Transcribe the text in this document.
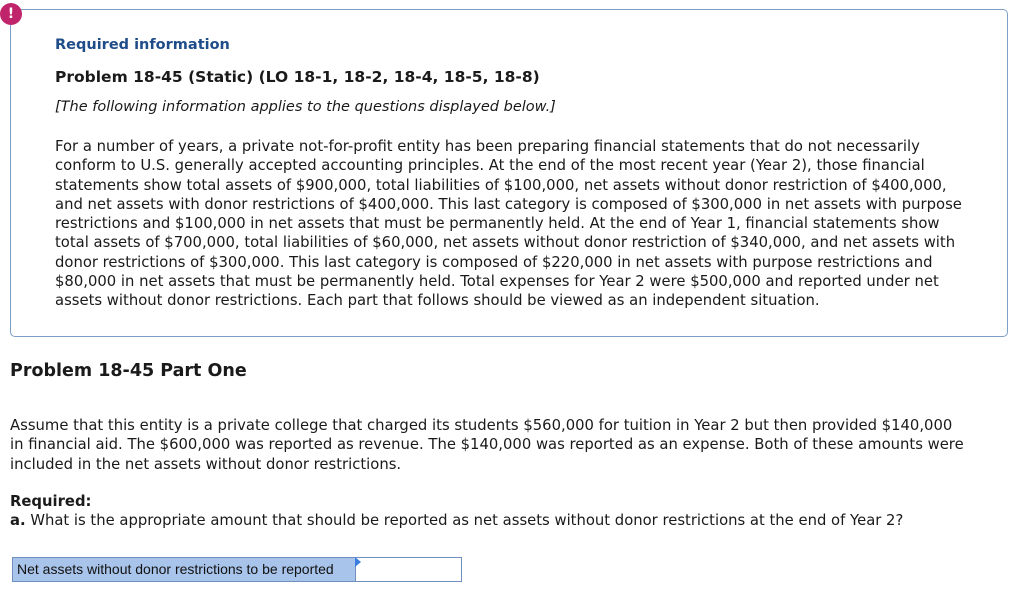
!
Required information
Problem 18-45 (Static) (LO 18-1, 18-2, 18-4, 18-5, 18-8)
[The following information applies to the questions displayed below.]
For a number of years, a private not-for-profit entity has been preparing financial statements that do not necessarily conform to U.S. generally accepted accounting principles. At the end of the most recent year (Year 2), those financial statements show total assets of $900,000, total liabilities of $100,000, net assets without donor restriction of $400,000, and net assets with donor restrictions of $400,000. This last category is composed of $300,000 in net assets with purpose restrictions and $100,000 in net assets that must be permanently held. At the end of Year 1, financial statements show total assets of $700,000, total liabilities of $60,000, net assets without donor restriction of $340,000, and net assets with donor restrictions of $300,000. This last category is composed of $220,000 in net assets with purpose restrictions and $80,000 in net assets that must be permanently held. Total expenses for Year 2 were $500,000 and reported under net assets without donor restrictions. Each part that follows should be viewed as an independent situation.
Problem 18-45 Part One
Assume that this entity is a private college that charged its students $560,000 for tuition in Year 2 but then provided $140,000 in financial aid. The $600,000 was reported as revenue. The $140,000 was reported as an expense. Both of these amounts were included in the net assets without donor restrictions.
Required:
a. What is the appropriate amount that should be reported as net assets without donor restrictions at the end of Year 2?
Net assets without donor restrictions to be reported
